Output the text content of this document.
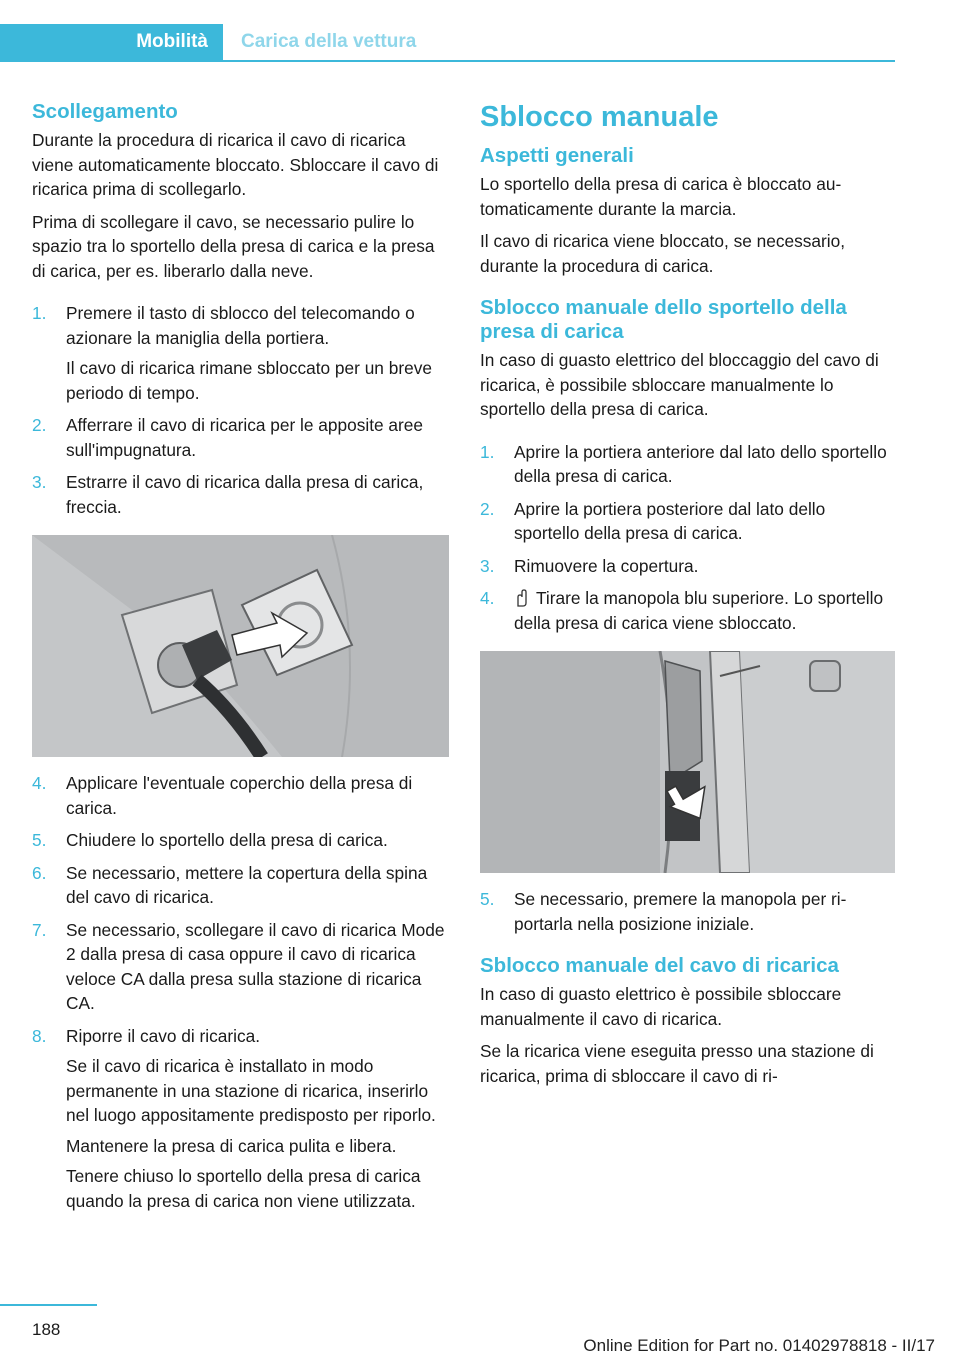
Mobilità	Carica della vettura
Scollegamento

Durante la procedura di ricarica il cavo di ricarica viene automaticamente bloccato. Sbloccare il cavo di ricarica prima di scollegarlo.

Prima di scollegare il cavo, se necessario pulire lo spazio tra lo sportello della presa di carica e la presa di carica, per es. liberarlo dalla neve.

1. Premere il tasto di sblocco del telecomando o azionare la maniglia della portiera.

Il cavo di ricarica rimane sbloccato per un breve periodo di tempo.

2. Afferrare il cavo di ricarica per le apposite aree sull'impugnatura.
3. Estrarre il cavo di ricarica dalla presa di carica, freccia.
4. Applicare l'eventuale coperchio della presa di carica.
5. Chiudere lo sportello della presa di carica.
6. Se necessario, mettere la copertura della spina del cavo di ricarica.
7. Se necessario, scollegare il cavo di ricarica Mode 2 dalla presa di casa oppure il cavo di ricarica veloce CA dalla presa sulla stazione di ricarica CA.
8. Riporre il cavo di ricarica.

Se il cavo di ricarica è installato in modo permanente in una stazione di ricarica, inserirlo nel luogo appositamente predisposto per riporlo.

Mantenere la presa di carica pulita e libera.

Tenere chiuso lo sportello della presa di carica quando la presa di carica non viene utilizzata.

Sblocco manuale
Aspetti generali

Lo sportello della presa di carica è bloccato automaticamente durante la marcia.

Il cavo di ricarica viene bloccato, se necessario, durante la procedura di carica.

Sblocco manuale dello sportello della presa di carica

In caso di guasto elettrico del bloccaggio del cavo di ricarica, è possibile sbloccare manualmente lo sportello della presa di carica.

1. Aprire la portiera anteriore dal lato dello sportello della presa di carica.
2. Aprire la portiera posteriore dal lato dello sportello della presa di carica.
3. Rimuovere la copertura.
4. Tirare la manopola blu superiore. Lo sportello della presa di carica viene sbloccato.
5. Se necessario, premere la manopola per riportarla nella posizione iniziale.
Sblocco manuale del cavo di ricarica

In caso di guasto elettrico è possibile sbloccare manualmente il cavo di ricarica.

Se la ricarica viene eseguita presso una stazione di ricarica, prima di sbloccare il cavo di ri-

188
Online Edition for Part no. 01402978818 - II/17
